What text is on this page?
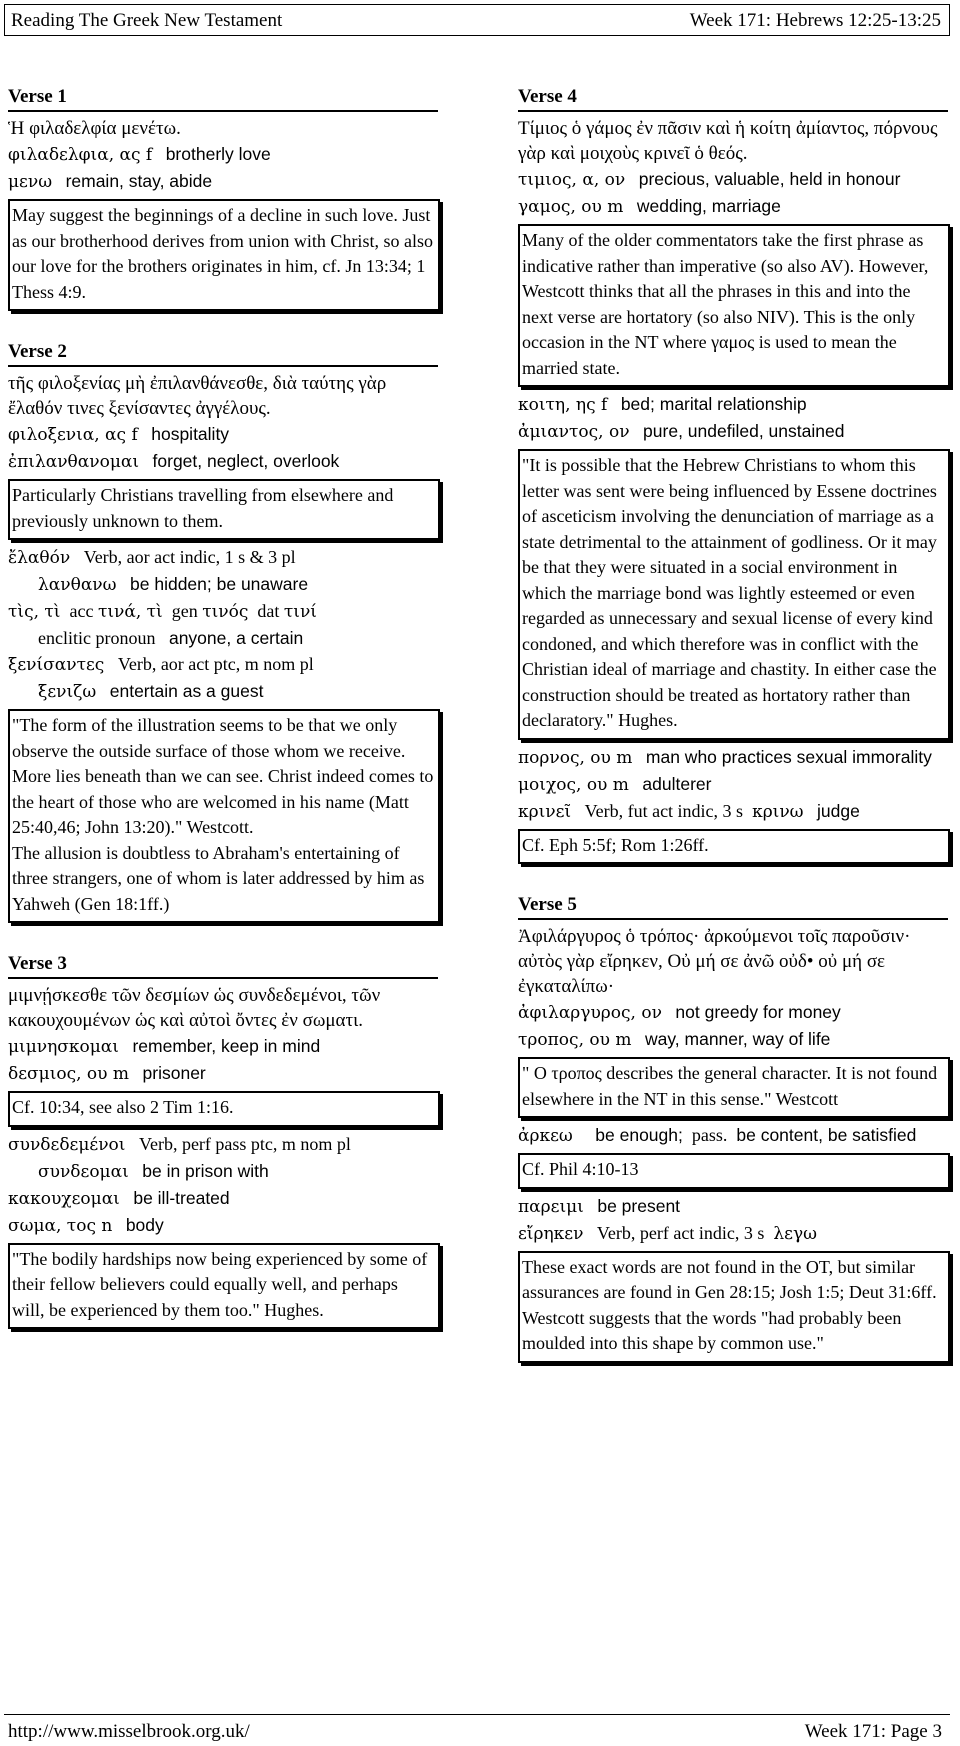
Reading The Greek New Testament	Week 171: Hebrews 12:25-13:25
Verse 1
Ἡ φιλαδελφία μενέτω.
φιλαδελφια, ας f brotherly love
μενω remain, stay, abide
May suggest the beginnings of a decline in such love. Just as our brotherhood derives from union with Christ, so also our love for the brothers originates in him, cf. Jn 13:34; 1 Thess 4:9.
Verse 2
τῆς φιλοξενίας μὴ ἐπιλανθάνεσθε, διὰ ταύτης γὰρ ἔλαθόν τινες ξενίσαντες ἀγγέλους.
φιλοξενια, ας f hospitality
ἐπιλανθανομαι forget, neglect, overlook
Particularly Christians travelling from elsewhere and previously unknown to them.
ἔλαθόν Verb, aor act indic, 1 s & 3 pl
λανθανω be hidden; be unaware
τὶς, τὶ acc τινά, τὶ gen τινός dat τινί
enclitic pronoun anyone, a certain
ξενίσαντες Verb, aor act ptc, m nom pl
ξενιζω entertain as a guest
"The form of the illustration seems to be that we only observe the outside surface of those whom we receive. More lies beneath than we can see. Christ indeed comes to the heart of those who are welcomed in his name (Matt 25:40,46; John 13:20)." Westcott.
The allusion is doubtless to Abraham's entertaining of three strangers, one of whom is later addressed by him as Yahweh (Gen 18:1ff.)
Verse 3
μιμνῄσκεσθε τῶν δεσμίων ὡς συνδεδεμένοι, τῶν κακουχουμένων ὡς καὶ αὐτοὶ ὄντες ἐν σωματι.
μιμνησκομαι remember, keep in mind
δεσμιος, ου m prisoner
Cf. 10:34, see also 2 Tim 1:16.
συνδεδεμένοι Verb, perf pass ptc, m nom pl
συνδεομαι be in prison with
κακουχεομαι be ill-treated
σωμα, τος n body
"The bodily hardships now being experienced by some of their fellow believers could equally well, and perhaps will, be experienced by them too." Hughes.
Verse 4
Τίμιος ὁ γάμος ἐν πᾶσιν καὶ ἡ κοίτη ἀμίαντος, πόρνους γὰρ καὶ μοιχοὺς κρινεῖ ὁ θεός.
τιμιος, α, ον precious, valuable, held in honour
γαμος, ου m wedding, marriage
Many of the older commentators take the first phrase as indicative rather than imperative (so also AV). However, Westcott thinks that all the phrases in this and into the next verse are hortatory (so also NIV). This is the only occasion in the NT where γαμος is used to mean the married state.
κοιτη, ης f bed; marital relationship
ἀμιαντος, ον pure, undefiled, unstained
"It is possible that the Hebrew Christians to whom this letter was sent were being influenced by Essene doctrines of asceticism involving the denunciation of marriage as a state detrimental to the attainment of godliness. Or it may be that they were situated in a social environment in which the marriage bond was lightly esteemed or even regarded as unnecessary and sexual license of every kind condoned, and which therefore was in conflict with the Christian ideal of marriage and chastity. In either case the construction should be treated as hortatory rather than declaratory." Hughes.
πορνος, ου m man who practices sexual immorality
μοιχος, ου m adulterer
κρινεῖ Verb, fut act indic, 3 s κρινω judge
Cf. Eph 5:5f; Rom 1:26ff.
Verse 5
Ἀφιλάργυρος ὁ τρόπος· ἀρκούμενοι τοῖς παροῦσιν· αὐτὸς γὰρ εἴρηκεν, Οὐ μή σε ἀνῶ οὐδ• οὐ μή σε ἐγκαταλίπω·
ἀφιλαργυρος, ον not greedy for money
τροπος, ου m way, manner, way of life
" Ο τροπος describes the general character. It is not found elsewhere in the NT in this sense." Westcott
ἀρκεω be enough; pass. be content, be satisfied
Cf. Phil 4:10-13
παρειμι be present
εἴρηκεν Verb, perf act indic, 3 s λεγω
These exact words are not found in the OT, but similar assurances are found in Gen 28:15; Josh 1:5; Deut 31:6ff. Westcott suggests that the words "had probably been moulded into this shape by common use."
http://www.misselbrook.org.uk/	Week 171: Page 3
